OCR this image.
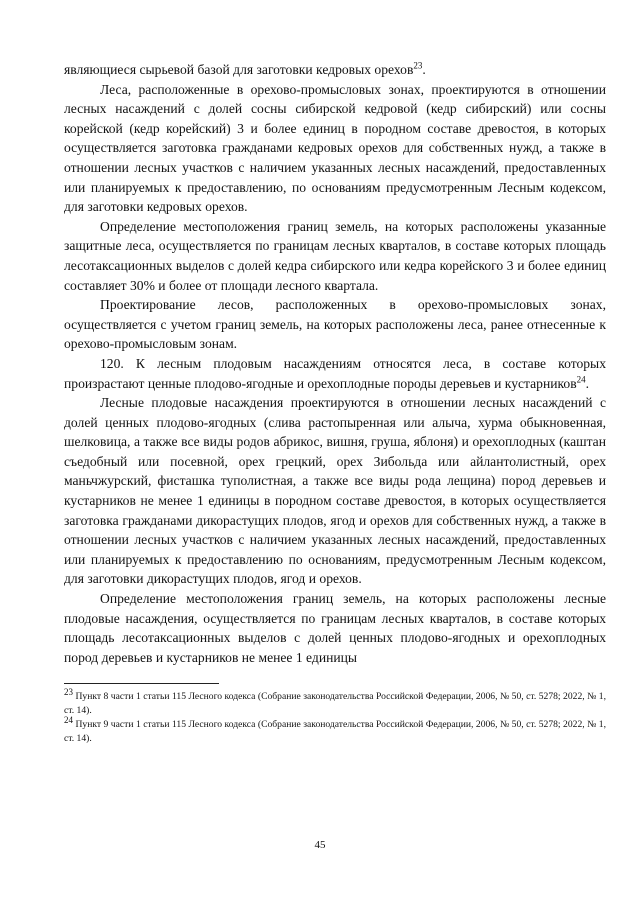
являющиеся сырьевой базой для заготовки кедровых орехов$^{23}$.

Леса, расположенные в орехово-промысловых зонах, проектируются в отношении лесных насаждений с долей сосны сибирской кедровой (кедр сибирский) или сосны корейской (кедр корейский) 3 и более единиц в породном составе древостоя, в которых осуществляется заготовка гражданами кедровых орехов для собственных нужд, а также в отношении лесных участков с наличием указанных лесных насаждений, предоставленных или планируемых к предоставлению, по основаниям предусмотренным Лесным кодексом, для заготовки кедровых орехов.

Определение местоположения границ земель, на которых расположены указанные защитные леса, осуществляется по границам лесных кварталов, в составе которых площадь лесотаксационных выделов с долей кедра сибирского или кедра корейского 3 и более единиц составляет 30% и более от площади лесного квартала.

Проектирование лесов, расположенных в орехово-промысловых зонах, осуществляется с учетом границ земель, на которых расположены леса, ранее отнесенные к орехово-промысловым зонам.

120. К лесным плодовым насаждениям относятся леса, в составе которых произрастают ценные плодово-ягодные и орехоплодные породы деревьев и кустарников$^{24}$.

Лесные плодовые насаждения проектируются в отношении лесных насаждений с долей ценных плодово-ягодных (слива растопыренная или алыча, хурма обыкновенная, шелковица, а также все виды родов абрикос, вишня, груша, яблоня) и орехоплодных (каштан съедобный или посевной, орех грецкий, орех Зибольда или айлантолистный, орех маньчжурский, фисташка туполистная, а также все виды рода лещина) пород деревьев и кустарников не менее 1 единицы в породном составе древостоя, в которых осуществляется заготовка гражданами дикорастущих плодов, ягод и орехов для собственных нужд, а также в отношении лесных участков с наличием указанных лесных насаждений, предоставленных или планируемых к предоставлению по основаниям, предусмотренным Лесным кодексом, для заготовки дикорастущих плодов, ягод и орехов.

Определение местоположения границ земель, на которых расположены лесные плодовые насаждения, осуществляется по границам лесных кварталов, в составе которых площадь лесотаксационных выделов с долей ценных плодово-ягодных и орехоплодных пород деревьев и кустарников не менее 1 единицы

$^{23}$ Пункт 8 части 1 статьи 115 Лесного кодекса (Собрание законодательства Российской Федерации, 2006, № 50, ст. 5278; 2022, № 1, ст. 14).

$^{24}$ Пункт 9 части 1 статьи 115 Лесного кодекса (Собрание законодательства Российской Федерации, 2006, № 50, ст. 5278; 2022, № 1, ст. 14).

45
